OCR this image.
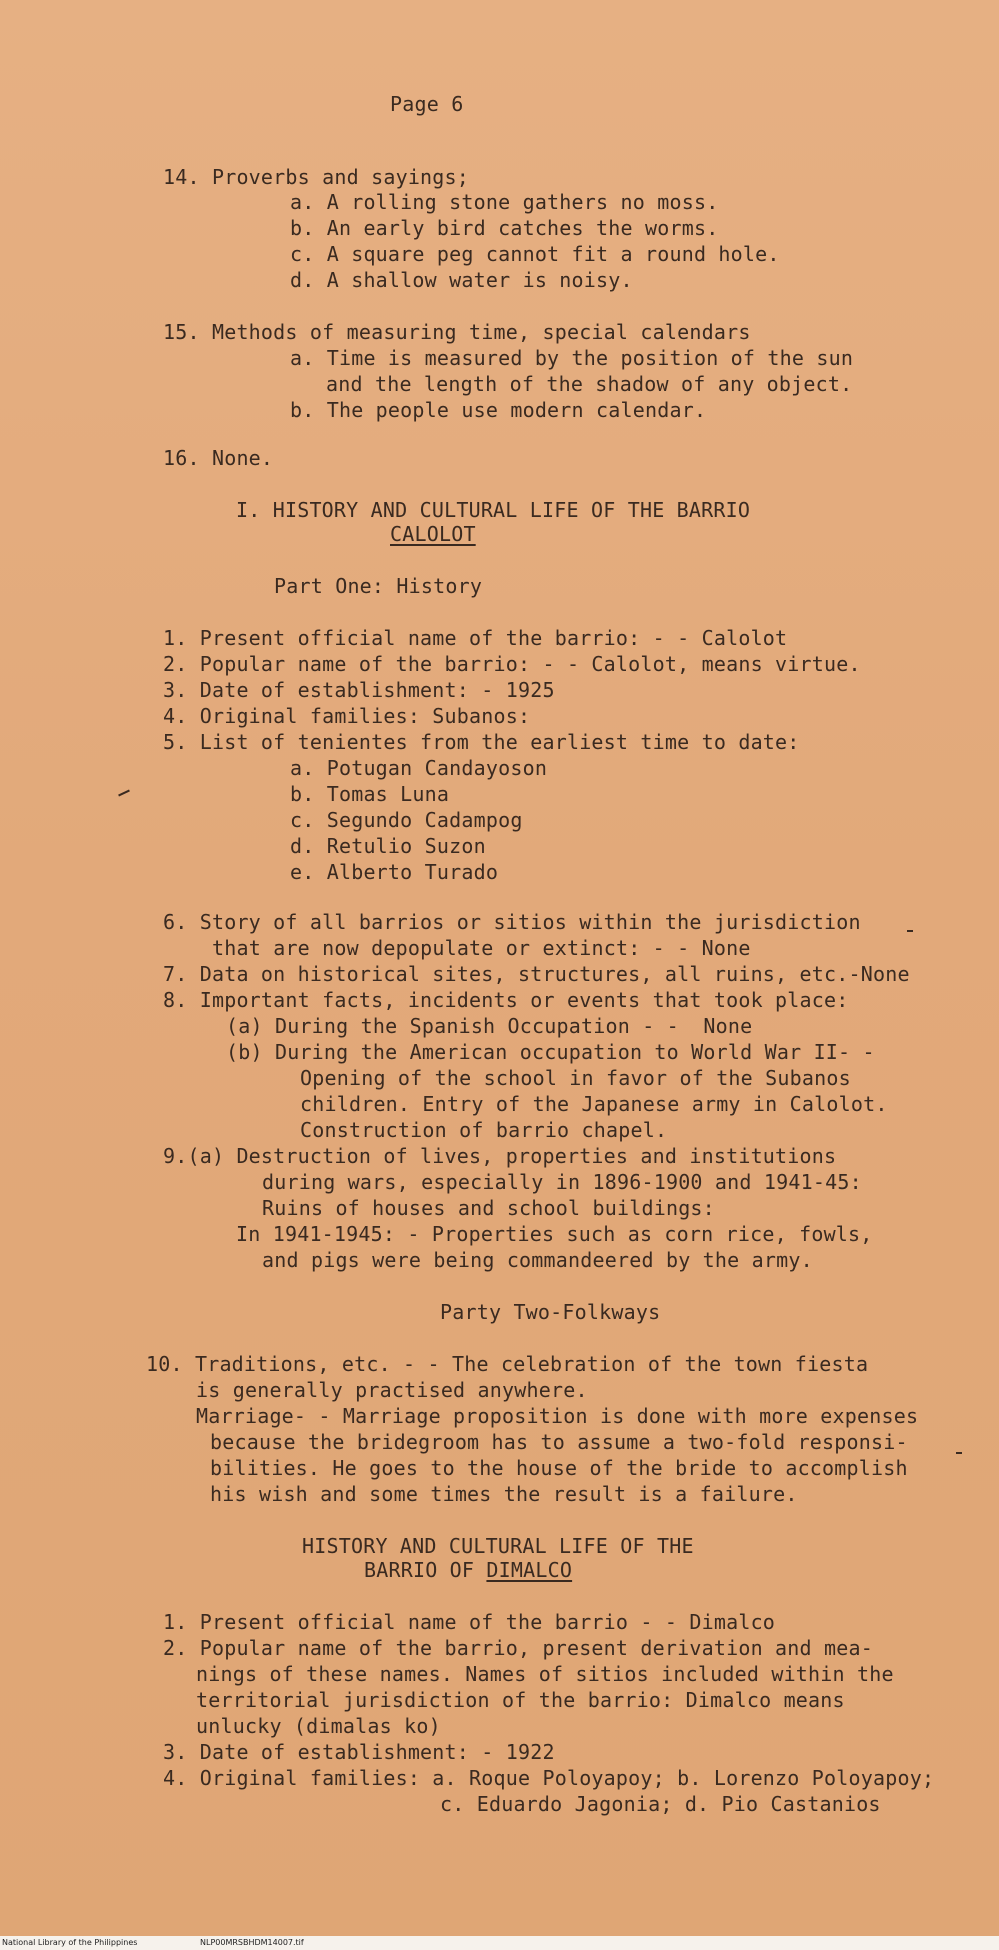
Page 6
14. Proverbs and sayings;
a. A rolling stone gathers no moss.
b. An early bird catches the worms.
c. A square peg cannot fit a round hole.
d. A shallow water is noisy.
15. Methods of measuring time, special calendars
a. Time is measured by the position of the sun
and the length of the shadow of any object.
b. The people use modern calendar.
16. None.
I. HISTORY AND CULTURAL LIFE OF THE BARRIO
CALOLOT
Part One: History
1. Present official name of the barrio: - - Calolot
2. Popular name of the barrio: - - Calolot, means virtue.
3. Date of establishment: - 1925
4. Original families: Subanos:
5. List of tenientes from the earliest time to date:
a. Potugan Candayoson
b. Tomas Luna
c. Segundo Cadampog
d. Retulio Suzon
e. Alberto Turado
6. Story of all barrios or sitios within the jurisdiction
that are now depopulate or extinct: - - None
7. Data on historical sites, structures, all ruins, etc.-None
8. Important facts, incidents or events that took place:
(a) During the Spanish Occupation - -  None
(b) During the American occupation to World War II- -
Opening of the school in favor of the Subanos
children. Entry of the Japanese army in Calolot.
Construction of barrio chapel.
9.(a) Destruction of lives, properties and institutions
during wars, especially in 1896-1900 and 1941-45:
Ruins of houses and school buildings:
In 1941-1945: - Properties such as corn rice, fowls,
and pigs were being commandeered by the army.
Party Two-Folkways
10. Traditions, etc. - - The celebration of the town fiesta
is generally practised anywhere.
Marriage- - Marriage proposition is done with more expenses
because the bridegroom has to assume a two-fold responsi-
bilities. He goes to the house of the bride to accomplish
his wish and some times the result is a failure.
HISTORY AND CULTURAL LIFE OF THE
BARRIO OF DIMALCO
1. Present official name of the barrio - - Dimalco
2. Popular name of the barrio, present derivation and mea-
nings of these names. Names of sitios included within the
territorial jurisdiction of the barrio: Dimalco means
unlucky (dimalas ko)
3. Date of establishment: - 1922
4. Original families: a. Roque Poloyapoy; b. Lorenzo Poloyapoy;
c. Eduardo Jagonia; d. Pio Castanios
National Library of the Philippines	NLP00MRSBHDM14007.tif
